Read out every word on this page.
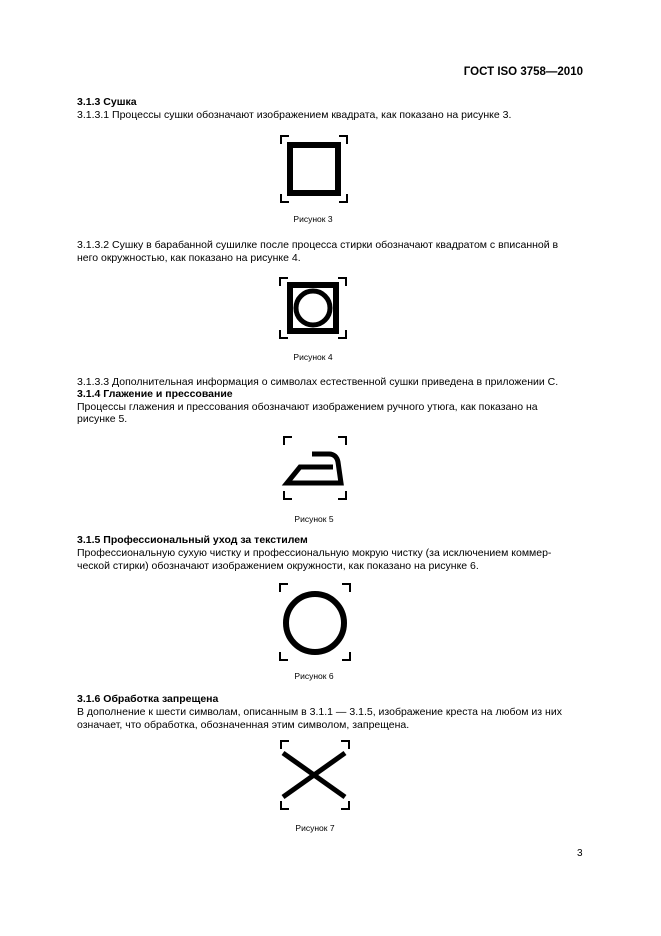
ГОСТ ISO 3758—2010
3.1.3 Сушка
3.1.3.1 Процессы сушки обозначают изображением квадрата, как показано на рисунке 3.
Рисунок 3
3.1.3.2 Сушку в барабанной сушилке после процесса стирки обозначают квадратом с вписанной в
него окружностью, как показано на рисунке 4.
Рисунок 4
3.1.3.3 Дополнительная информация о символах естественной сушки приведена в приложении С.
3.1.4 Глажение и прессование
Процессы глажения и прессования обозначают изображением ручного утюга, как показано на
рисунке 5.
Рисунок 5
3.1.5 Профессиональный уход за текстилем
Профессиональную сухую чистку и профессиональную мокрую чистку (за исключением коммер-
ческой стирки) обозначают изображением окружности, как показано на рисунке 6.
Рисунок 6
3.1.6 Обработка запрещена
В дополнение к шести символам, описанным в 3.1.1 — 3.1.5, изображение креста на любом из них
означает, что обработка, обозначенная этим символом, запрещена.
Рисунок 7
3
